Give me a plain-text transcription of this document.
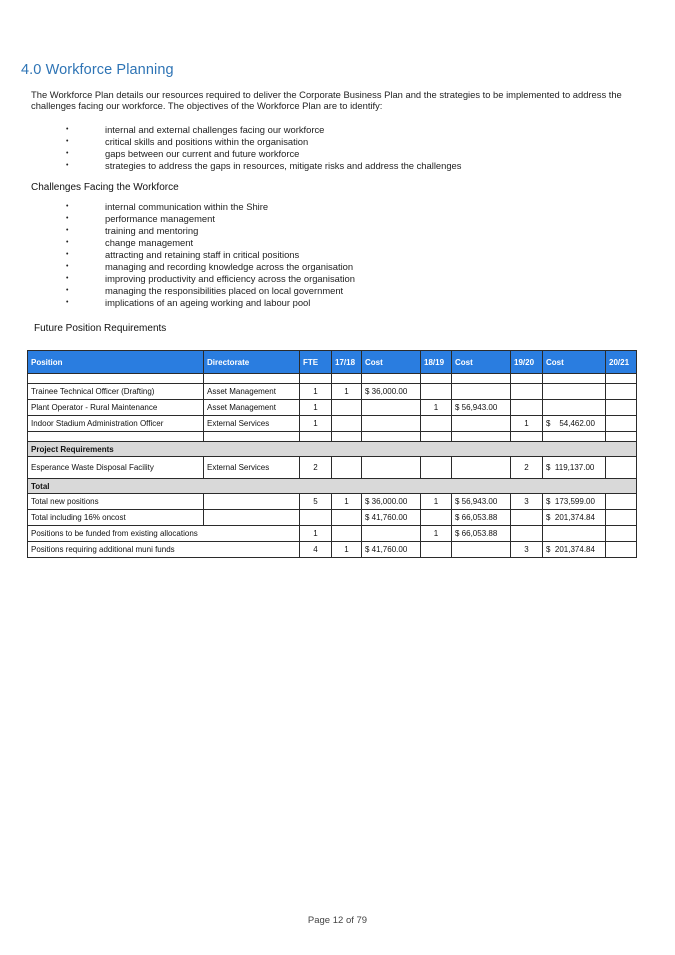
4.0 Workforce Planning
The Workforce Plan details our resources required to deliver the Corporate Business Plan and the strategies to be implemented to address the challenges facing our workforce. The objectives of the Workforce Plan are to identify:
• internal and external challenges facing our workforce
• critical skills and positions within the organisation
• gaps between our current and future workforce
• strategies to address the gaps in resources, mitigate risks and address the challenges
Challenges Facing the Workforce
• internal communication within the Shire
• performance management
• training and mentoring
• change management
• attracting and retaining staff in critical positions
• managing and recording knowledge across the organisation
• improving productivity and efficiency across the organisation
• managing the responsibilities placed on local government
• implications of an ageing working and labour pool
Future Position Requirements
Position	Directorate	FTE	17/18	Cost	18/19	Cost	19/20	Cost	20/21

Trainee Technical Officer (Drafting)	Asset Management	1	1	$ 36,000.00					
Plant Operator - Rural Maintenance	Asset Management	1			1	$ 56,943.00			
Indoor Stadium Administration Officer	External Services	1					1	$    54,462.00	

Project Requirements									
Esperance Waste Disposal Facility	External Services	2					2	$  119,137.00	
Total									
Total new positions		5	1	$ 36,000.00	1	$ 56,943.00	3	$  173,599.00	
Total including 16% oncost				$ 41,760.00		$ 66,053.88		$  201,374.84	
Positions to be funded from existing allocations		1			1	$ 66,053.88			
Positions requiring additional muni funds		4	1	$ 41,760.00			3	$  201,374.84	
Page 12 of 79
